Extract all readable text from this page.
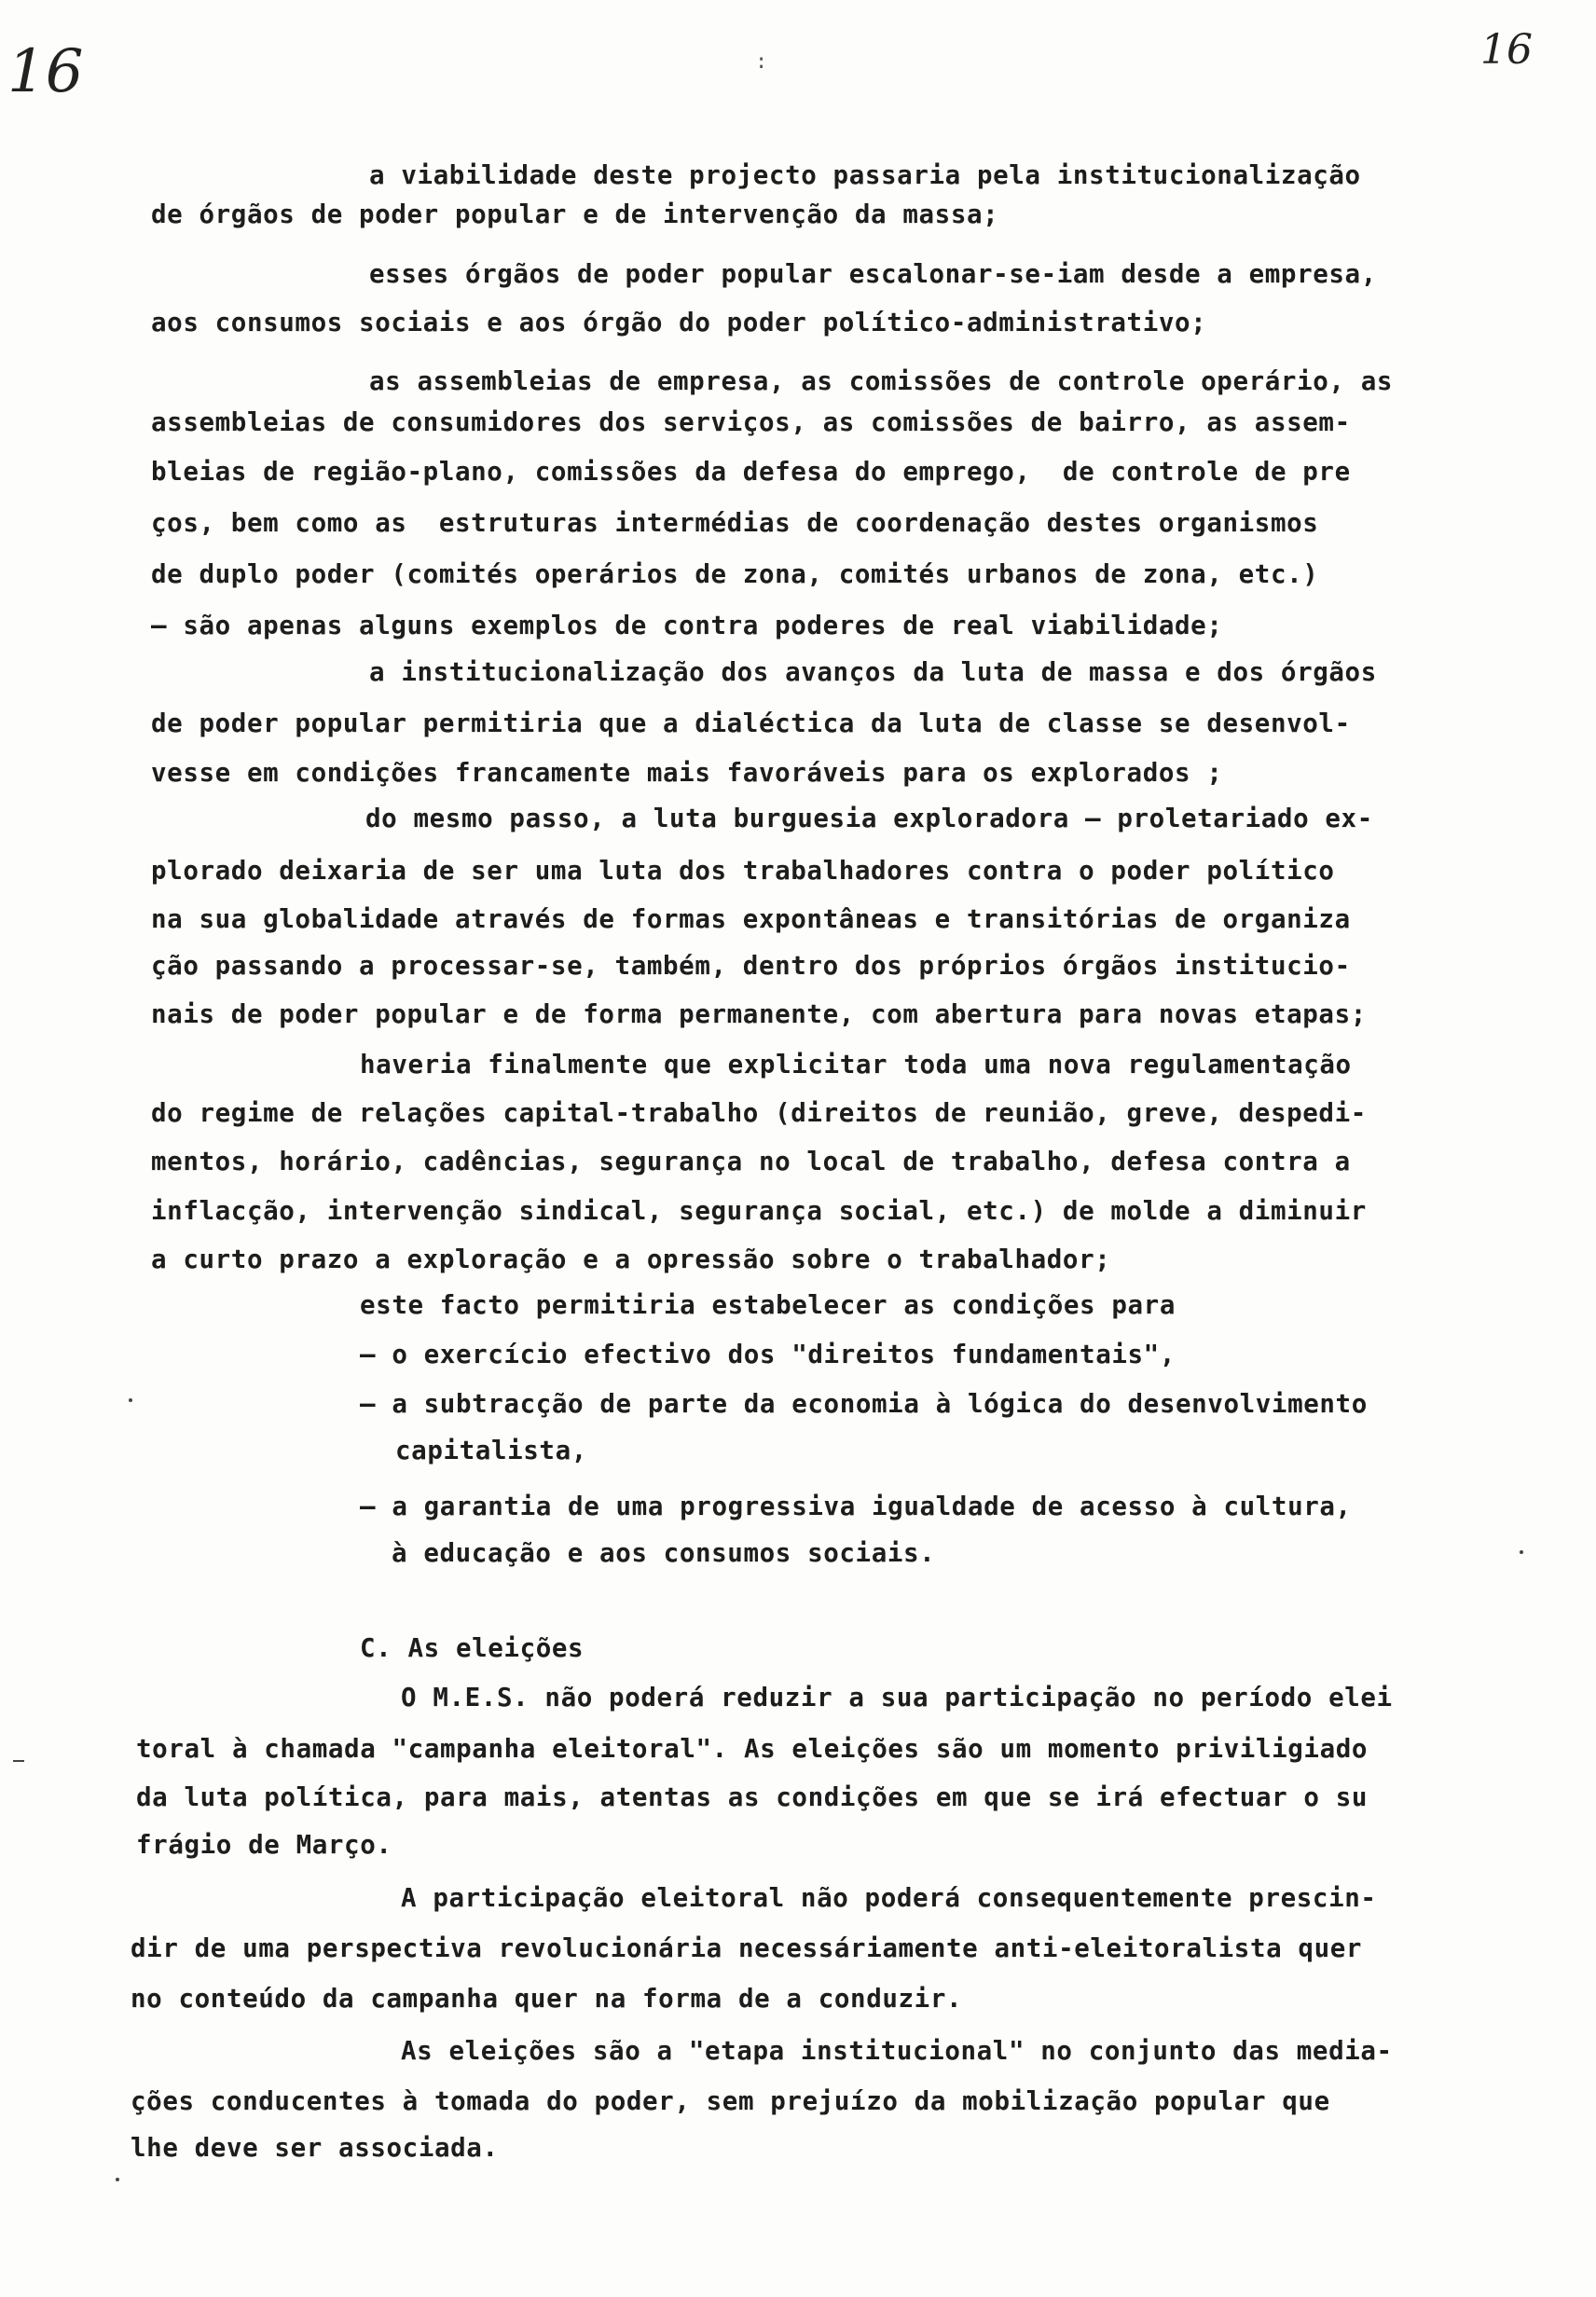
16	16
:
a viabilidade deste projecto passaria pela institucionalização
de órgãos de poder popular e de intervenção da massa;
esses órgãos de poder popular escalonar-se-iam desde a empresa,
aos consumos sociais e aos órgão do poder político-administrativo;
as assembleias de empresa, as comissões de controle operário, as
assembleias de consumidores dos serviços, as comissões de bairro, as assem-
bleias de região-plano, comissões da defesa do emprego,  de controle de pre
ços, bem como as  estruturas intermédias de coordenação destes organismos
de duplo poder (comités operários de zona, comités urbanos de zona, etc.)
– são apenas alguns exemplos de contra poderes de real viabilidade;
a institucionalização dos avanços da luta de massa e dos órgãos
de poder popular permitiria que a dialéctica da luta de classe se desenvol-
vesse em condições francamente mais favoráveis para os explorados ;
do mesmo passo, a luta burguesia exploradora – proletariado ex-
plorado deixaria de ser uma luta dos trabalhadores contra o poder político
na sua globalidade através de formas expontâneas e transitórias de organiza
ção passando a processar-se, também, dentro dos próprios órgãos institucio-
nais de poder popular e de forma permanente, com abertura para novas etapas;
haveria finalmente que explicitar toda uma nova regulamentação
do regime de relações capital-trabalho (direitos de reunião, greve, despedi-
mentos, horário, cadências, segurança no local de trabalho, defesa contra a
inflacção, intervenção sindical, segurança social, etc.) de molde a diminuir
a curto prazo a exploração e a opressão sobre o trabalhador;
este facto permitiria estabelecer as condições para
– o exercício efectivo dos "direitos fundamentais",
– a subtracção de parte da economia à lógica do desenvolvimento
capitalista,
– a garantia de uma progressiva igualdade de acesso à cultura,
à educação e aos consumos sociais.
C. As eleições
O M.E.S. não poderá reduzir a sua participação no período elei
toral à chamada "campanha eleitoral". As eleições são um momento priviligiado
da luta política, para mais, atentas as condições em que se irá efectuar o su
frágio de Março.
A participação eleitoral não poderá consequentemente prescin-
dir de uma perspectiva revolucionária necessáriamente anti-eleitoralista quer
no conteúdo da campanha quer na forma de a conduzir.
As eleições são a "etapa institucional" no conjunto das media-
ções conducentes à tomada do poder, sem prejuízo da mobilização popular que
lhe deve ser associada.
